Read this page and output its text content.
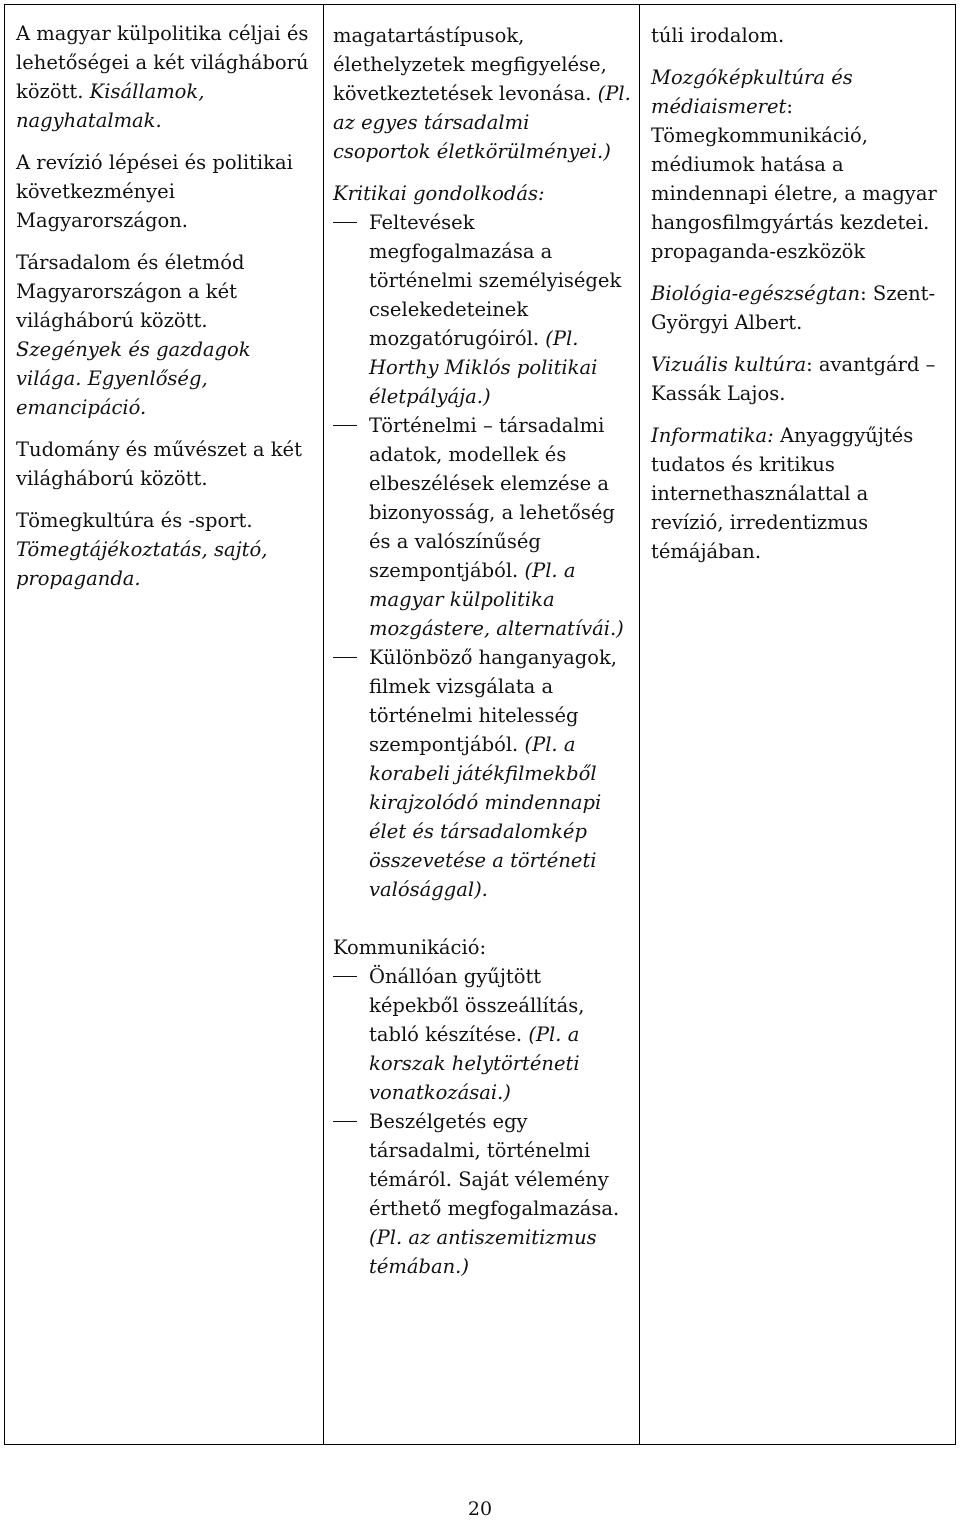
A magyar külpolitika céljai és lehetőségei a két világháború között. Kisállamok, nagyhatalmak.

A revízió lépései és politikai következményei Magyarországon.

Társadalom és életmód Magyarországon a két világháború között. Szegények és gazdagok világa. Egyenlőség, emancipáció.

Tudomány és művészet a két világháború között.

Tömegkultúra és -sport. Tömegtájékoztatás, sajtó, propaganda.

magatartástípusok, élethelyzetek megfigyelése, következtetések levonása. (Pl. az egyes társadalmi csoportok életkörülményei.)

Kritikai gondolkodás:

Feltevések megfogalmazása a történelmi személyiségek cselekedeteinek mozgatórugóiról. (Pl. Horthy Miklós politikai életpályája.)
Történelmi – társadalmi adatok, modellek és elbeszélések elemzése a bizonyosság, a lehetőség és a valószínűség szempontjából. (Pl. a magyar külpolitika mozgástere, alternatívái.)
Különböző hanganyagok, filmek vizsgálata a történelmi hitelesség szempontjából. (Pl. a korabeli játékfilmekből kirajzolódó mindennapi élet és társadalomkép összevetése a történeti valósággal).

Kommunikáció:

Önállóan gyűjtött képekből összeállítás, tabló készítése. (Pl. a korszak helytörténeti vonatkozásai.)
Beszélgetés egy társadalmi, történelmi témáról. Saját vélemény érthető megfogalmazása. (Pl. az antiszemitizmus témában.)

túli irodalom.

Mozgóképkultúra és médiaismeret: Tömegkommunikáció, médiumok hatása a mindennapi életre, a magyar hangosfilmgyártás kezdetei. propaganda-eszközök

Biológia-egészségtan: Szent-Györgyi Albert.

Vizuális kultúra: avantgárd – Kassák Lajos.

Informatika: Anyaggyűjtés tudatos és kritikus internethasználattal a revízió, irredentizmus témájában.

20
